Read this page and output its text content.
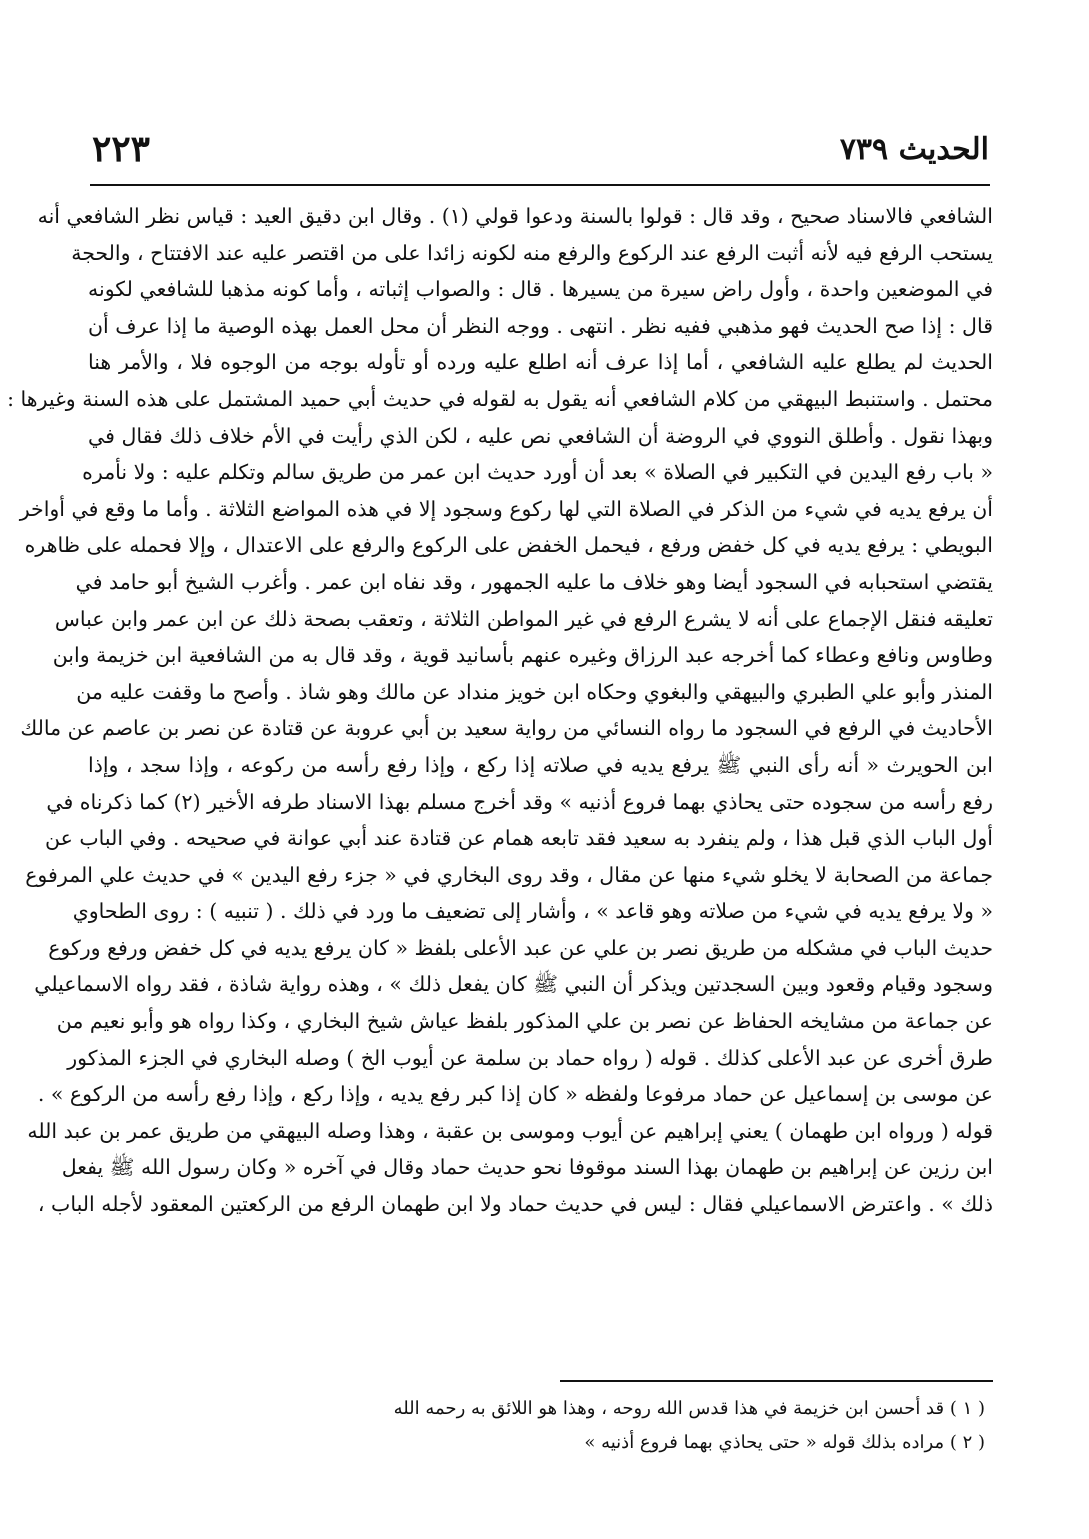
الحديث ٧٣٩
٢٢٣
الشافعي فالاسناد صحيح ، وقد قال : قولوا بالسنة ودعوا قولي (١) . وقال ابن دقيق العيد : قياس نظر الشافعي أنه
يستحب الرفع فيه لأنه أثبت الرفع عند الركوع والرفع منه لكونه زائدا على من اقتصر عليه عند الافتتاح ، والحجة
في الموضعين واحدة ، وأول راض سيرة من يسيرها . قال : والصواب إثباته ، وأما كونه مذهبا للشافعي لكونه
قال : إذا صح الحديث فهو مذهبي ففيه نظر . انتهى . ووجه النظر أن محل العمل بهذه الوصية ما إذا عرف أن
الحديث لم يطلع عليه الشافعي ، أما إذا عرف أنه اطلع عليه ورده أو تأوله بوجه من الوجوه فلا ، والأمر هنا
محتمل . واستنبط البيهقي من كلام الشافعي أنه يقول به لقوله في حديث أبي حميد المشتمل على هذه السنة وغيرها :
وبهذا نقول . وأطلق النووي في الروضة أن الشافعي نص عليه ، لكن الذي رأيت في الأم خلاف ذلك فقال في
« باب رفع اليدين في التكبير في الصلاة » بعد أن أورد حديث ابن عمر من طريق سالم وتكلم عليه : ولا نأمره
أن يرفع يديه في شيء من الذكر في الصلاة التي لها ركوع وسجود إلا في هذه المواضع الثلاثة . وأما ما وقع في أواخر
البويطي : يرفع يديه في كل خفض ورفع ، فيحمل الخفض على الركوع والرفع على الاعتدال ، وإلا فحمله على ظاهره
يقتضي استحبابه في السجود أيضا وهو خلاف ما عليه الجمهور ، وقد نفاه ابن عمر . وأغرب الشيخ أبو حامد في
تعليقه فنقل الإجماع على أنه لا يشرع الرفع في غير المواطن الثلاثة ، وتعقب بصحة ذلك عن ابن عمر وابن عباس
وطاوس ونافع وعطاء كما أخرجه عبد الرزاق وغيره عنهم بأسانيد قوية ، وقد قال به من الشافعية ابن خزيمة وابن
المنذر وأبو علي الطبري والبيهقي والبغوي وحكاه ابن خويز منداد عن مالك وهو شاذ . وأصح ما وقفت عليه من
الأحاديث في الرفع في السجود ما رواه النسائي من رواية سعيد بن أبي عروبة عن قتادة عن نصر بن عاصم عن مالك
ابن الحويرث « أنه رأى النبي ﷺ يرفع يديه في صلاته إذا ركع ، وإذا رفع رأسه من ركوعه ، وإذا سجد ، وإذا
رفع رأسه من سجوده حتى يحاذي بهما فروع أذنيه » وقد أخرج مسلم بهذا الاسناد طرفه الأخير (٢) كما ذكرناه في
أول الباب الذي قبل هذا ، ولم ينفرد به سعيد فقد تابعه همام عن قتادة عند أبي عوانة في صحيحه . وفي الباب عن
جماعة من الصحابة لا يخلو شيء منها عن مقال ، وقد روى البخاري في « جزء رفع اليدين » في حديث علي المرفوع
« ولا يرفع يديه في شيء من صلاته وهو قاعد » ، وأشار إلى تضعيف ما ورد في ذلك . ( تنبيه ) : روى الطحاوي
حديث الباب في مشكله من طريق نصر بن علي عن عبد الأعلى بلفظ « كان يرفع يديه في كل خفض ورفع وركوع
وسجود وقيام وقعود وبين السجدتين ويذكر أن النبي ﷺ كان يفعل ذلك » ، وهذه رواية شاذة ، فقد رواه الاسماعيلي
عن جماعة من مشايخه الحفاظ عن نصر بن علي المذكور بلفظ عياش شيخ البخاري ، وكذا رواه هو وأبو نعيم من
طرق أخرى عن عبد الأعلى كذلك . قوله ( رواه حماد بن سلمة عن أيوب الخ ) وصله البخاري في الجزء المذكور
عن موسى بن إسماعيل عن حماد مرفوعا ولفظه « كان إذا كبر رفع يديه ، وإذا ركع ، وإذا رفع رأسه من الركوع » .
قوله ( ورواه ابن طهمان ) يعني إبراهيم عن أيوب وموسى بن عقبة ، وهذا وصله البيهقي من طريق عمر بن عبد الله
ابن رزين عن إبراهيم بن طهمان بهذا السند موقوفا نحو حديث حماد وقال في آخره « وكان رسول الله ﷺ يفعل
ذلك » . واعترض الاسماعيلي فقال : ليس في حديث حماد ولا ابن طهمان الرفع من الركعتين المعقود لأجله الباب ،
( ١ ) قد أحسن ابن خزيمة في هذا قدس الله روحه ، وهذا هو اللائق به رحمه الله
( ٢ ) مراده بذلك قوله « حتى يحاذي بهما فروع أذنيه »
